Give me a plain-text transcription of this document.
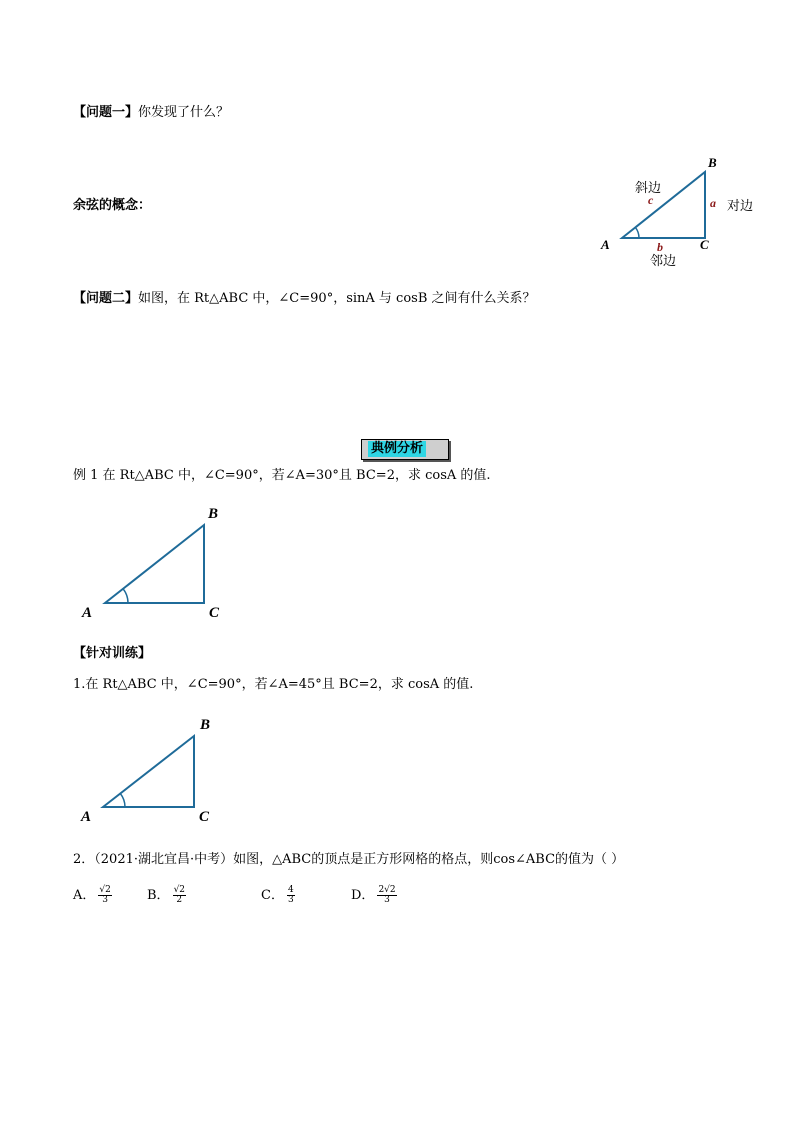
【问题一】你发现了什么？
余弦的概念：
B
A	C
斜边
c	a 对边
b
邻边
【问题二】如图，在 Rt△ABC 中，∠C=90°，sinA 与 cosB 之间有什么关系？
典例分析
例 1 在 Rt△ABC 中，∠C=90°，若∠A=30°且 BC=2，求 cosA 的值.
B
A	C
【针对训练】
1.在 Rt△ABC 中，∠C=90°，若∠A=45°且 BC=2，求 cosA 的值.
B
A	C
2．（2021·湖北宜昌·中考）如图，△ABC的顶点是正方形网格的格点，则cos∠ABC的值为（ ）
A． $\frac{√2}{3}$	B． $\frac{√2}{2}$	C． $\frac{4}{3}$	D． $\frac{2√2}{3}$
